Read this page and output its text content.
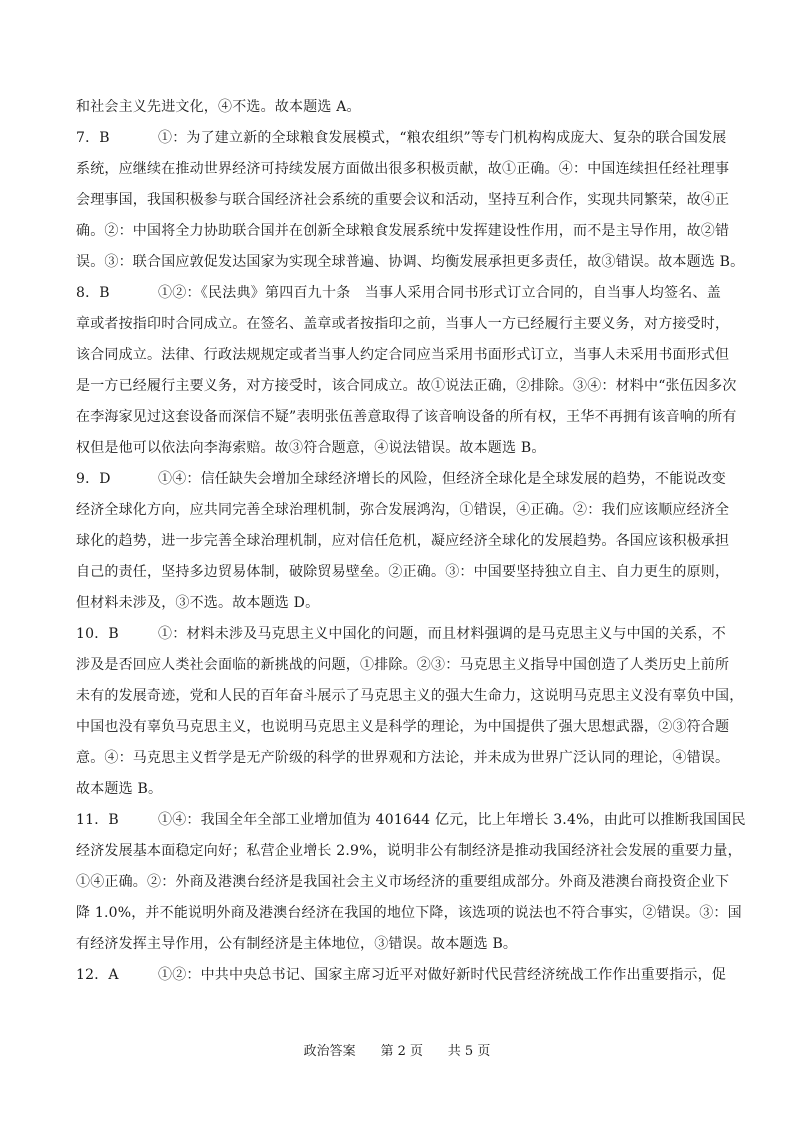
和社会主义先进文化，④不选。故本题选 A。
7．B	①：为了建立新的全球粮食发展模式，“粮农组织”等专门机构构成庞大、复杂的联合国发展
系统，应继续在推动世界经济可持续发展方面做出很多积极贡献，故①正确。④：中国连续担任经社理事
会理事国，我国积极参与联合国经济社会系统的重要会议和活动，坚持互利合作，实现共同繁荣，故④正
确。②：中国将全力协助联合国并在创新全球粮食发展系统中发挥建设性作用，而不是主导作用，故②错
误。③：联合国应敦促发达国家为实现全球普遍、协调、均衡发展承担更多责任，故③错误。故本题选 B。
8．B	①②：《民法典》第四百九十条　当事人采用合同书形式订立合同的，自当事人均签名、盖
章或者按指印时合同成立。在签名、盖章或者按指印之前，当事人一方已经履行主要义务，对方接受时，
该合同成立。法律、行政法规规定或者当事人约定合同应当采用书面形式订立，当事人未采用书面形式但
是一方已经履行主要义务，对方接受时，该合同成立。故①说法正确，②排除。③④：材料中“张伍因多次
在李海家见过这套设备而深信不疑”表明张伍善意取得了该音响设备的所有权，王华不再拥有该音响的所有
权但是他可以依法向李海索赔。故③符合题意，④说法错误。故本题选 B。
9．D	①④：信任缺失会增加全球经济增长的风险，但经济全球化是全球发展的趋势，不能说改变
经济全球化方向，应共同完善全球治理机制，弥合发展鸿沟，①错误，④正确。②：我们应该顺应经济全
球化的趋势，进一步完善全球治理机制，应对信任危机，凝应经济全球化的发展趋势。各国应该积极承担
自己的责任，坚持多边贸易体制，破除贸易壁垒。②正确。③：中国要坚持独立自主、自力更生的原则，
但材料未涉及，③不选。故本题选 D。
10．B	①：材料未涉及马克思主义中国化的问题，而且材料强调的是马克思主义与中国的关系，不
涉及是否回应人类社会面临的新挑战的问题，①排除。②③：马克思主义指导中国创造了人类历史上前所
未有的发展奇迹，党和人民的百年奋斗展示了马克思主义的强大生命力，这说明马克思主义没有辜负中国，
中国也没有辜负马克思主义，也说明马克思主义是科学的理论，为中国提供了强大思想武器，②③符合题
意。④：马克思主义哲学是无产阶级的科学的世界观和方法论，并未成为世界广泛认同的理论，④错误。
故本题选 B。
11．B	①④：我国全年全部工业增加值为 401644 亿元，比上年增长 3.4%，由此可以推断我国国民
经济发展基本面稳定向好；私营企业增长 2.9%，说明非公有制经济是推动我国经济社会发展的重要力量，
①④正确。②：外商及港澳台经济是我国社会主义市场经济的重要组成部分。外商及港澳台商投资企业下
降 1.0%，并不能说明外商及港澳台经济在我国的地位下降，该选项的说法也不符合事实，②错误。③：国
有经济发挥主导作用，公有制经济是主体地位，③错误。故本题选 B。
12．A	①②：中共中央总书记、国家主席习近平对做好新时代民营经济统战工作作出重要指示，促
政治答案 第 2 页 共 5 页
